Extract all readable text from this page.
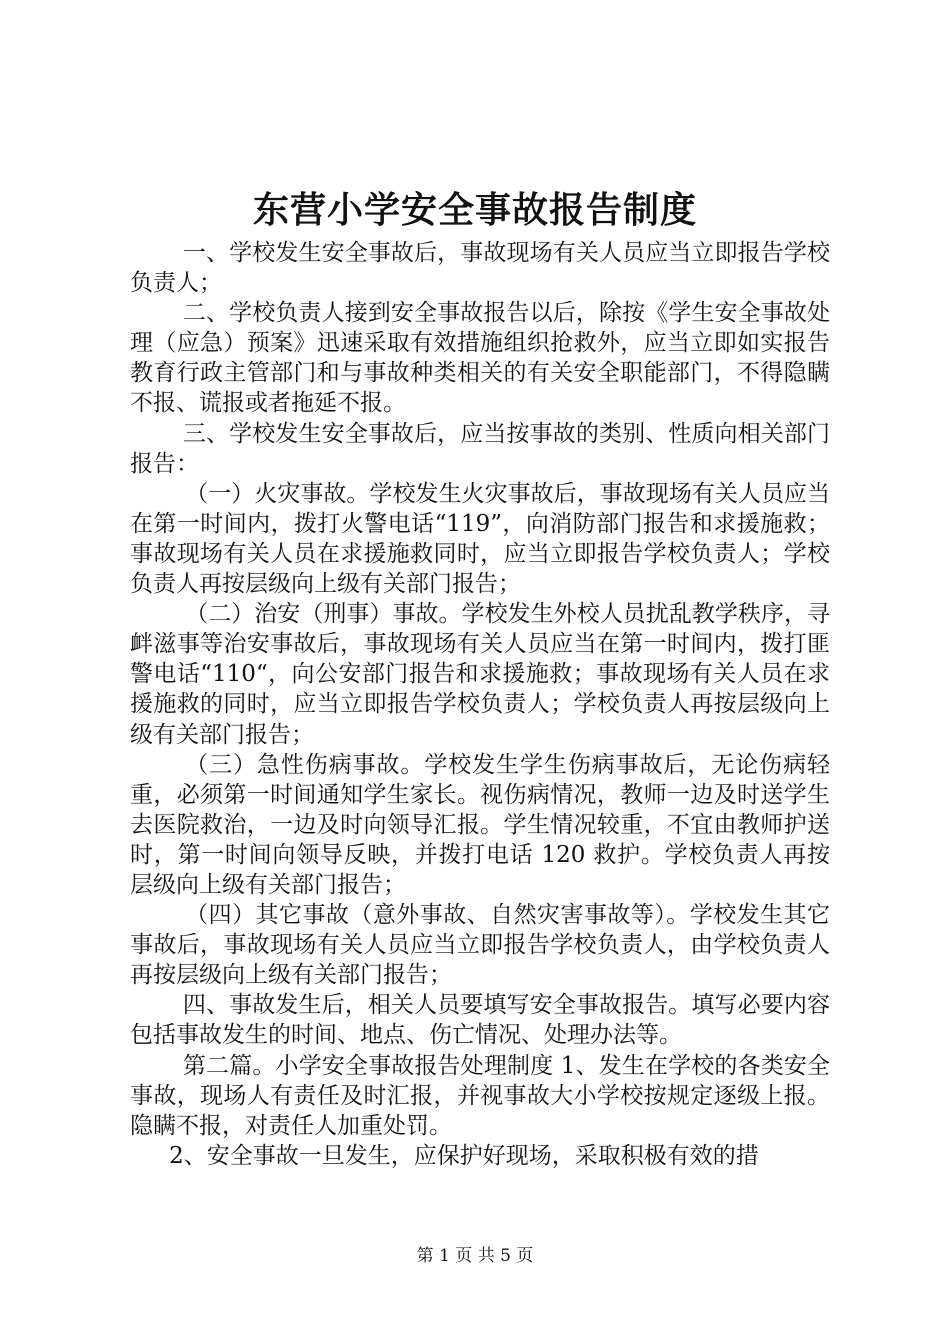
东营小学安全事故报告制度

一、学校发生安全事故后，事故现场有关人员应当立即报告学校负责人；

二、学校负责人接到安全事故报告以后，除按《学生安全事故处理（应急）预案》迅速采取有效措施组织抢救外，应当立即如实报告教育行政主管部门和与事故种类相关的有关安全职能部门，不得隐瞒不报、谎报或者拖延不报。

三、学校发生安全事故后，应当按事故的类别、性质向相关部门报告：

（一）火灾事故。学校发生火灾事故后，事故现场有关人员应当在第一时间内，拨打火警电话“119”，向消防部门报告和求援施救；事故现场有关人员在求援施救同时，应当立即报告学校负责人；学校负责人再按层级向上级有关部门报告；

（二）治安（刑事）事故。学校发生外校人员扰乱教学秩序，寻衅滋事等治安事故后，事故现场有关人员应当在第一时间内，拨打匪警电话“110“，向公安部门报告和求援施救；事故现场有关人员在求援施救的同时，应当立即报告学校负责人；学校负责人再按层级向上级有关部门报告；

（三）急性伤病事故。学校发生学生伤病事故后，无论伤病轻重，必须第一时间通知学生家长。视伤病情况，教师一边及时送学生去医院救治，一边及时向领导汇报。学生情况较重，不宜由教师护送时，第一时间向领导反映，并拨打电话 120 救护。学校负责人再按层级向上级有关部门报告；

（四）其它事故（意外事故、自然灾害事故等）。学校发生其它事故后，事故现场有关人员应当立即报告学校负责人，由学校负责人再按层级向上级有关部门报告；

四、事故发生后，相关人员要填写安全事故报告。填写必要内容包括事故发生的时间、地点、伤亡情况、处理办法等。

第二篇。小学安全事故报告处理制度 1、发生在学校的各类安全事故，现场人有责任及时汇报，并视事故大小学校按规定逐级上报。隐瞒不报，对责任人加重处罚。

2、安全事故一旦发生，应保护好现场，采取积极有效的措

第 1 页 共 5 页
